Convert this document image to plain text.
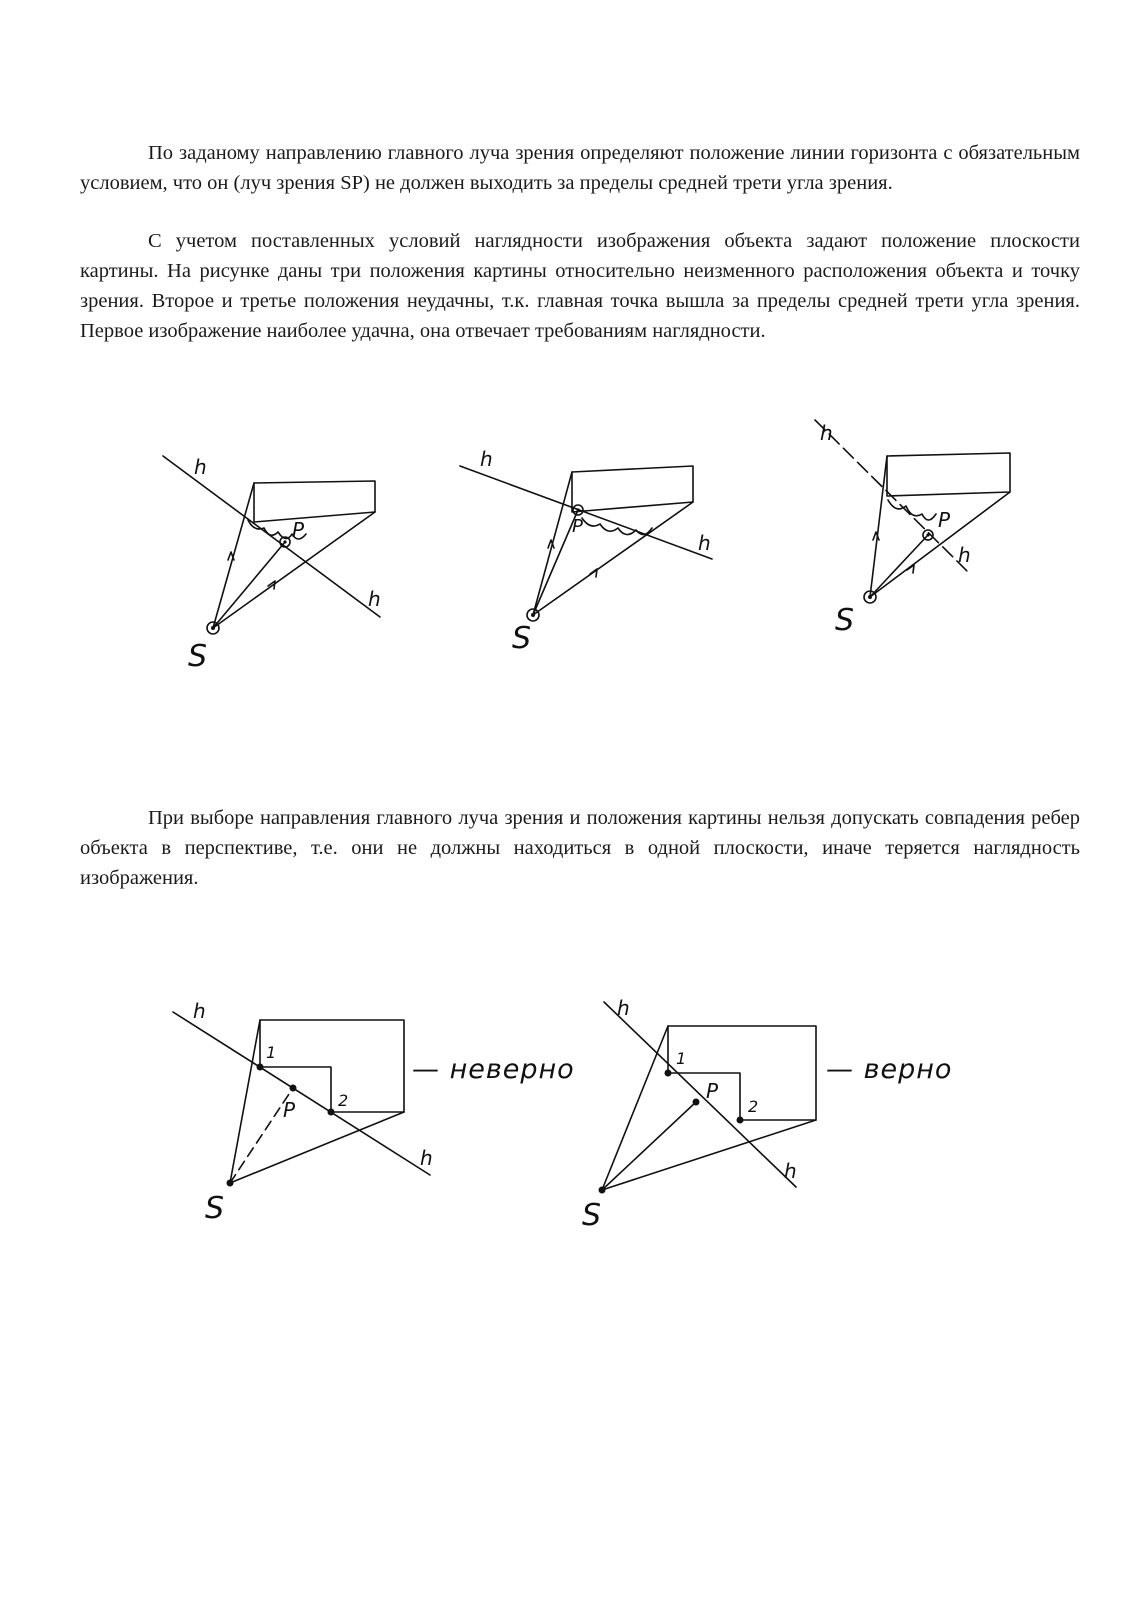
По заданому направлению главного луча зрения определяют положение линии горизонта с обязательным условием, что он (луч зрения SP) не должен выходить за пределы средней трети угла зрения.

С учетом поставленных условий наглядности изображения объекта задают положение плоскости картины. На рисунке даны три положения картины относительно неизменного расположения объекта и точку зрения. Второе и третье положения неудачны, т.к. главная точка вышла за пределы средней трети угла зрения. Первое изображение наиболее удачна, она отвечает требованиям наглядности.

При выборе направления главного луча зрения и положения картины нельзя допускать совпадения ребер объекта в перспективе, т.е. они не должны находиться в одной плоскости, иначе теряется наглядность изображения.

P
S
h
h
P
S
h
h
P
S
h
h
1
2
P
S
h
h
— неверно	1
2
P
S
h
h
— верно
